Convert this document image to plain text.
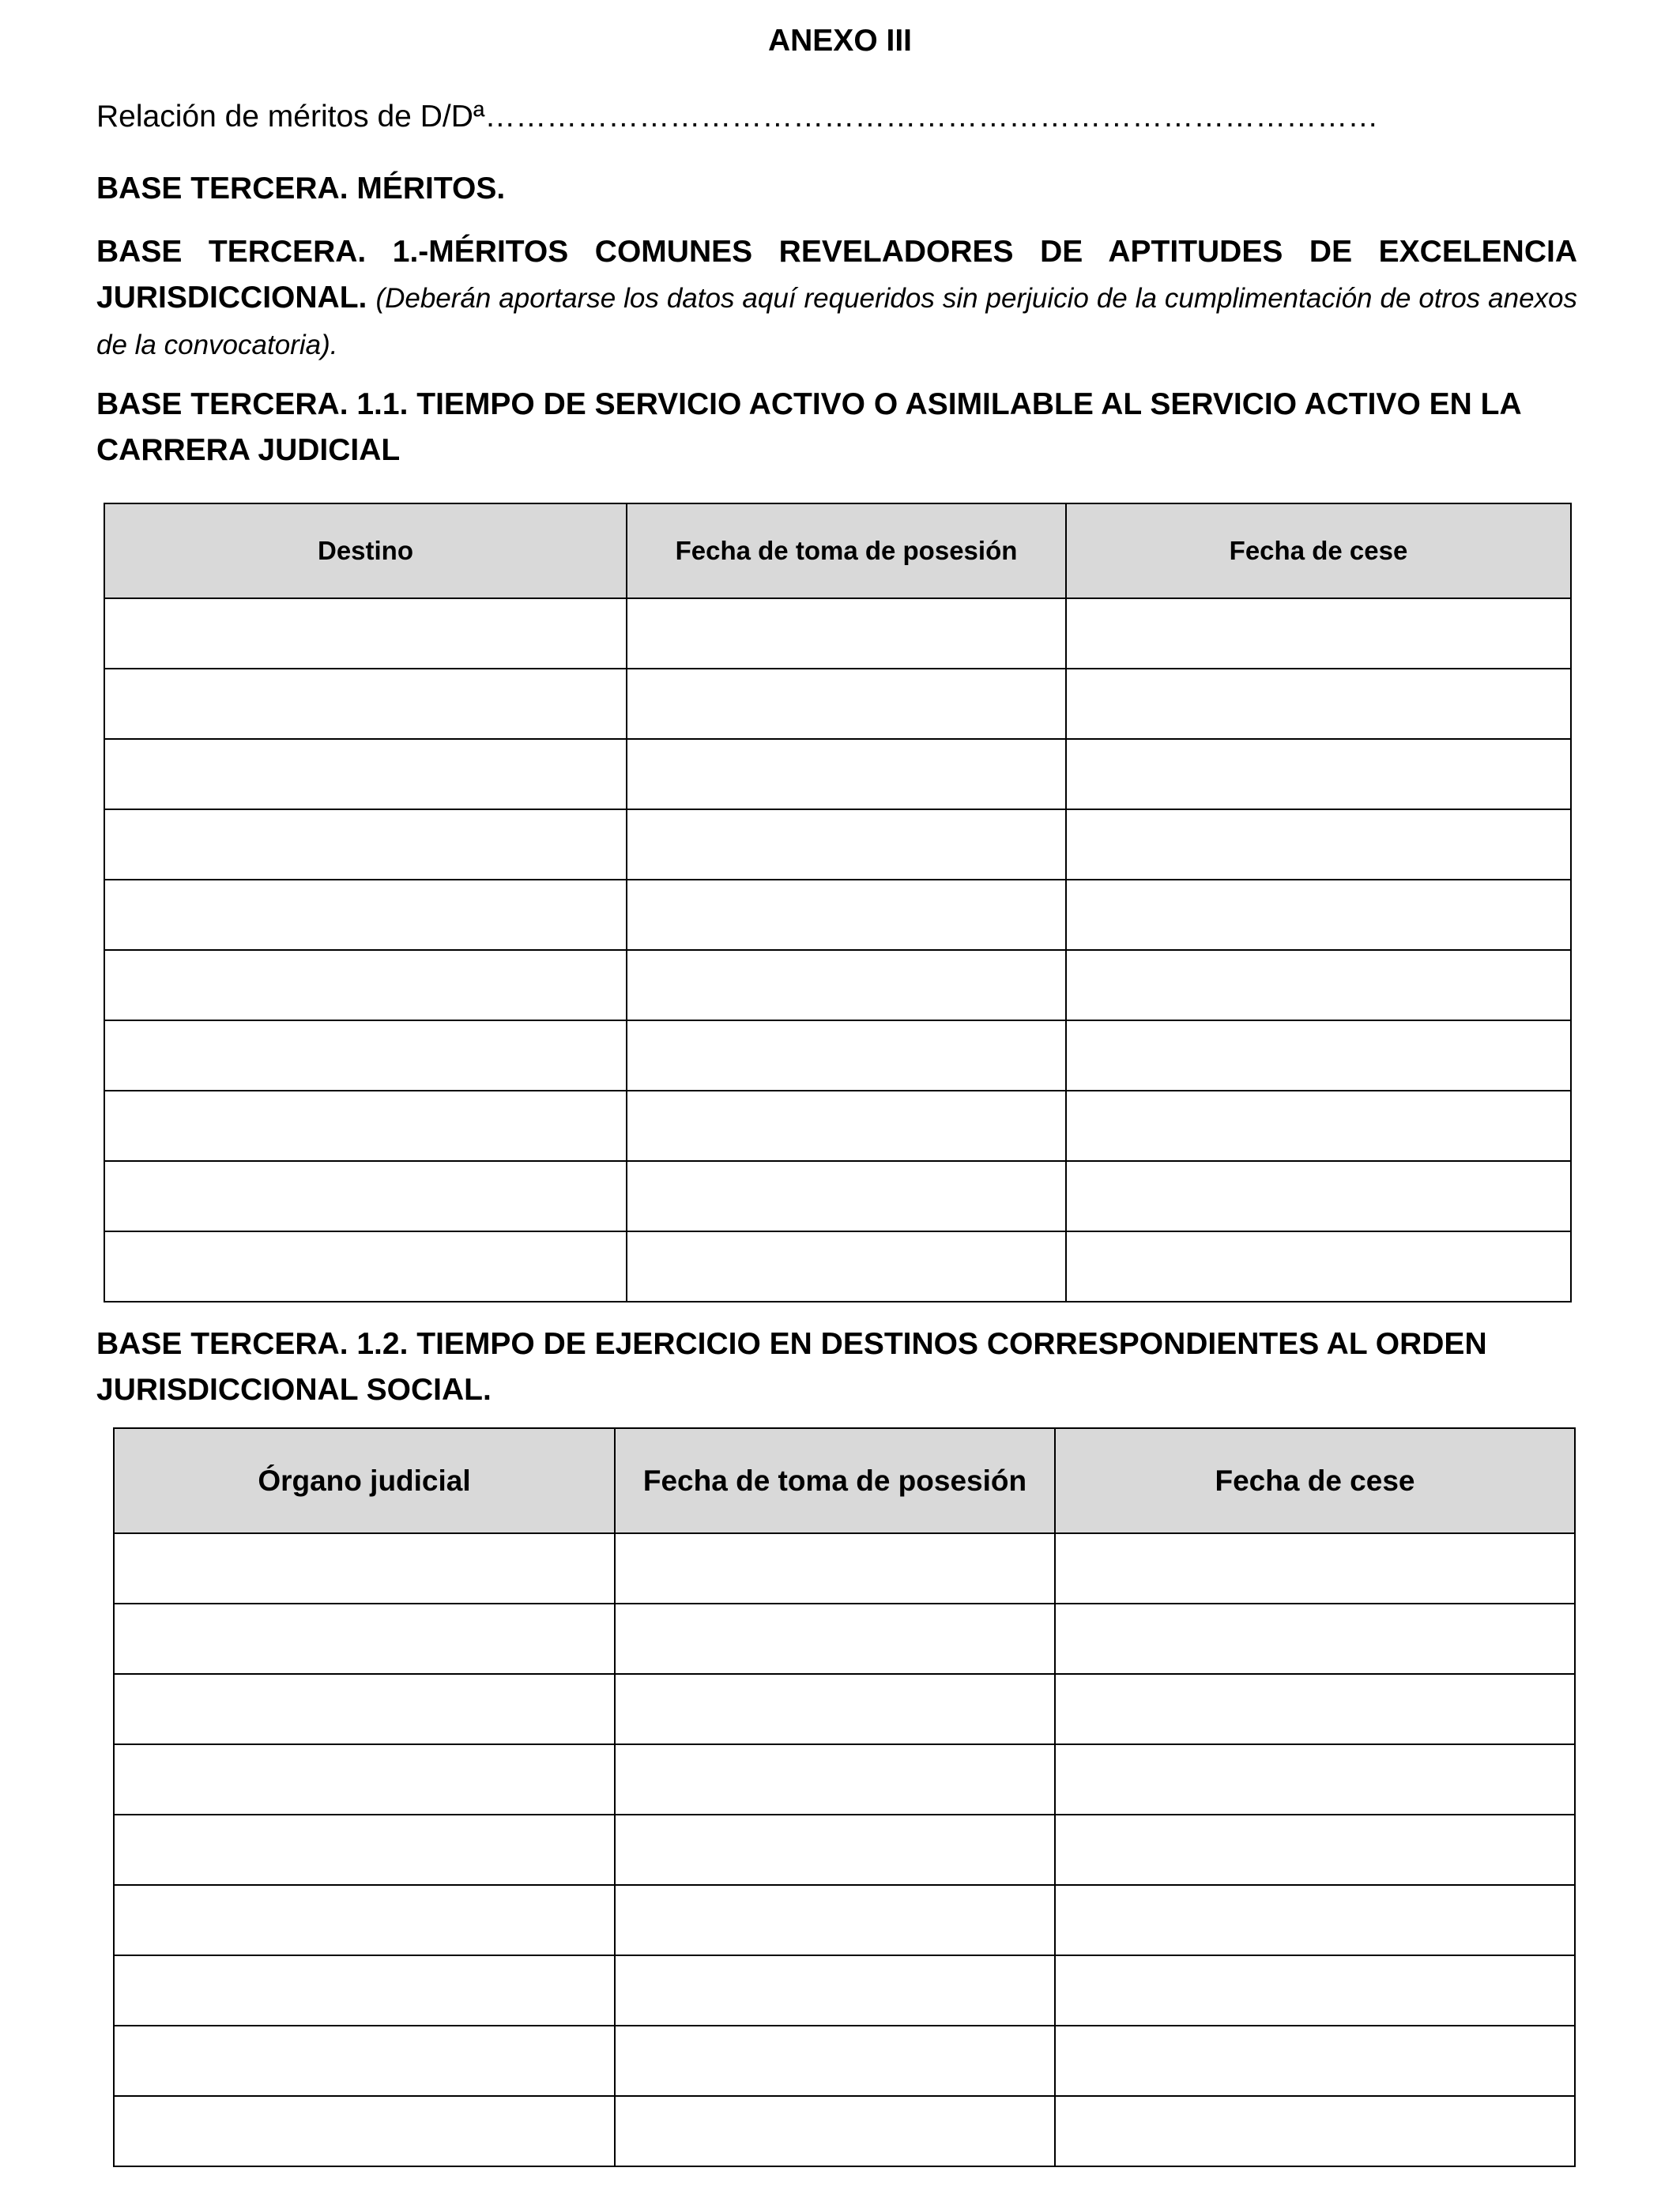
ANEXO III
Relación de méritos de D/Dª……………………………………………………………………………
BASE TERCERA. MÉRITOS.
BASE TERCERA. 1.-MÉRITOS COMUNES REVELADORES DE APTITUDES DE EXCELENCIA JURISDICCIONAL. (Deberán aportarse los datos aquí requeridos sin perjuicio de la cumplimentación de otros anexos de la convocatoria).
BASE TERCERA. 1.1. TIEMPO DE SERVICIO ACTIVO O ASIMILABLE AL SERVICIO ACTIVO EN LA CARRERA JUDICIAL
Destino	Fecha de toma de posesión	Fecha de cese

BASE TERCERA. 1.2. TIEMPO DE EJERCICIO EN DESTINOS CORRESPONDIENTES AL ORDEN JURISDICCIONAL SOCIAL.
Órgano judicial	Fecha de toma de posesión	Fecha de cese
